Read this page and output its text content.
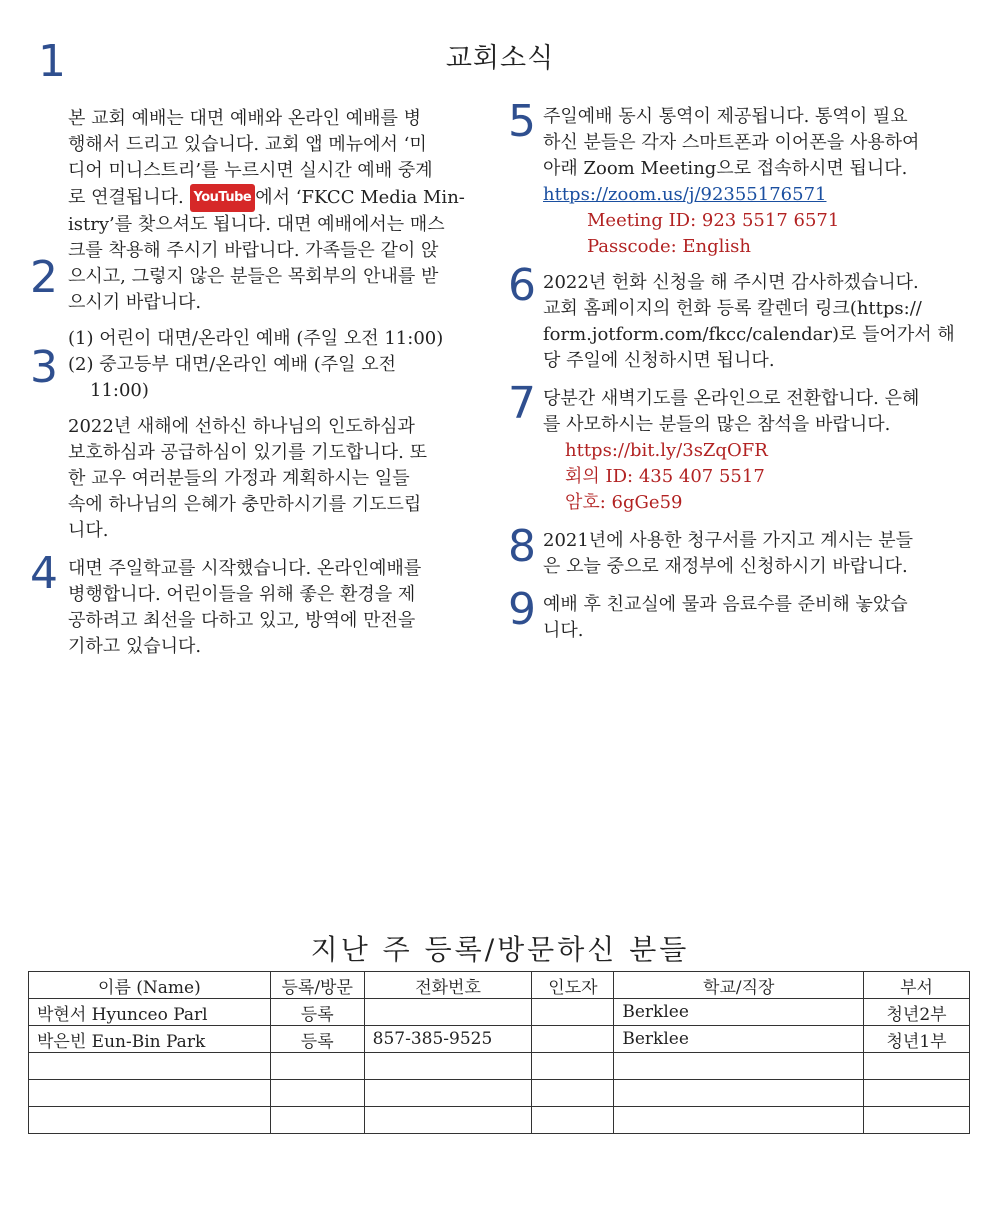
1
2
3
4
5
6
7
8
9
교회소식
본 교회 예배는 대면 예배와 온라인 예배를 병
행해서 드리고 있습니다. 교회 앱 메뉴에서 ‘미
디어 미니스트리’를 누르시면 실시간 예배 중계
로 연결됩니다. YouTube 에서 ‘FKCC Media Min-
istry’를 찾으셔도 됩니다. 대면 예배에서는 매스
크를 착용해 주시기 바랍니다. 가족들은 같이 앉
으시고, 그렇지 않은 분들은 목회부의 안내를 받
으시기 바랍니다.
(1) 어린이 대면/온라인 예배 (주일 오전 11:00)
(2) 중고등부 대면/온라인 예배 (주일 오전
11:00)
2022년 새해에 선하신 하나님의 인도하심과
보호하심과 공급하심이 있기를 기도합니다. 또
한 교우 여러분들의 가정과 계획하시는 일들
속에 하나님의 은혜가 충만하시기를 기도드립
니다.
대면 주일학교를 시작했습니다. 온라인예배를
병행합니다. 어린이들을 위해 좋은 환경을 제
공하려고 최선을 다하고 있고, 방역에 만전을
기하고 있습니다.
주일예배 동시 통역이 제공됩니다. 통역이 필요
하신 분들은 각자 스마트폰과 이어폰을 사용하여
아래 Zoom Meeting으로 접속하시면 됩니다.
https://zoom.us/j/92355176571
Meeting ID: 923 5517 6571
Passcode: English
2022년 헌화 신청을 해 주시면 감사하겠습니다.
교회 홈페이지의 헌화 등록 칼렌더 링크(https://
form.jotform.com/fkcc/calendar)로 들어가서 해
당 주일에 신청하시면 됩니다.
당분간 새벽기도를 온라인으로 전환합니다. 은혜
를 사모하시는 분들의 많은 참석을 바랍니다.
https://bit.ly/3sZqOFR
회의 ID: 435 407 5517
암호: 6gGe59
2021년에 사용한 청구서를 가지고 계시는 분들
은 오늘 중으로 재정부에 신청하시기 바랍니다.
예배 후 친교실에 물과 음료수를 준비해 놓았습
니다.
지난 주 등록/방문하신 분들
이름 (Name)	등록/방문	전화번호	인도자	학교/직장	부서
박현서 Hyunceo Parl	등록			Berklee	청년2부
박은빈 Eun-Bin Park	등록	857-385-9525		Berklee	청년1부
